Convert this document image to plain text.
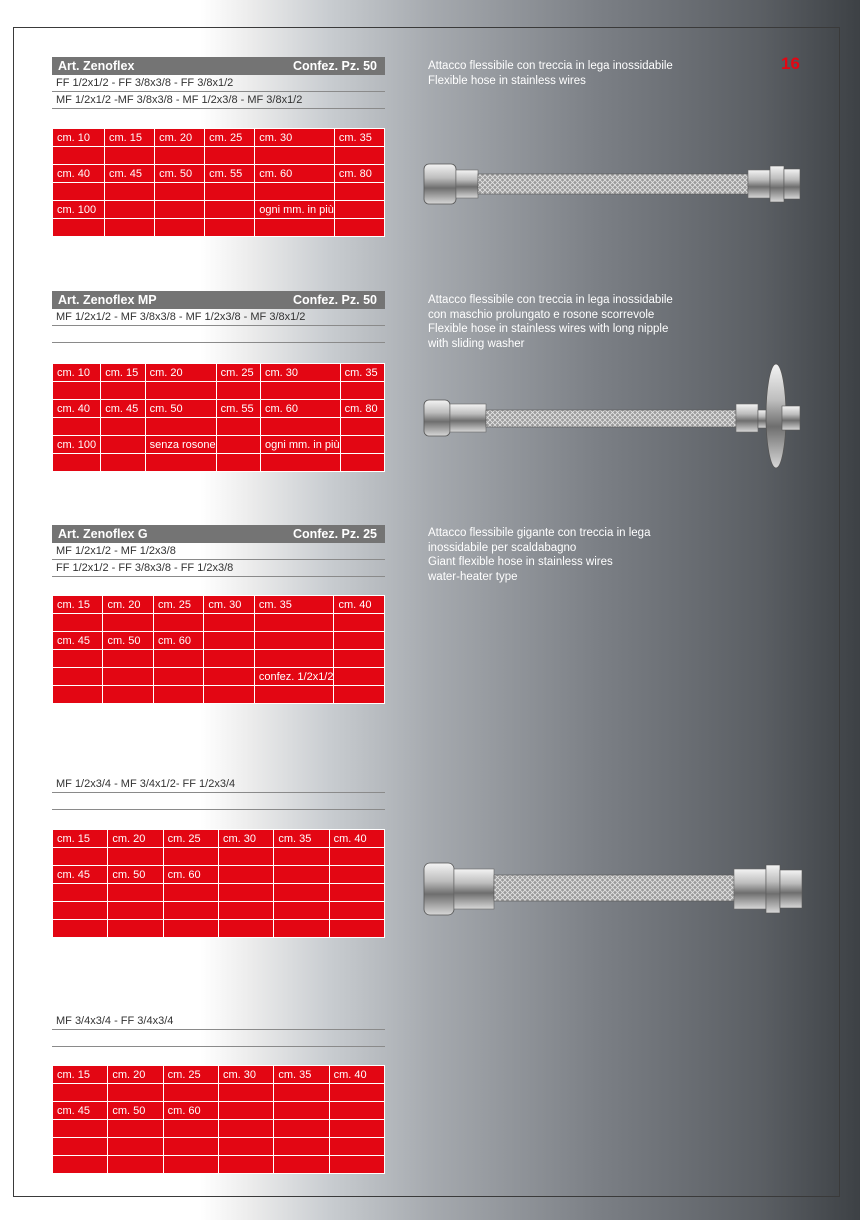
16
Art. Zenoflex	Confez. Pz. 50
FF 1/2x1/2 - FF 3/8x3/8 - FF 3/8x1/2
MF 1/2x1/2 -MF 3/8x3/8 - MF 1/2x3/8 - MF 3/8x1/2
cm. 10	cm. 15	cm. 20	cm. 25	cm. 30	cm. 35

cm. 40	cm. 45	cm. 50	cm. 55	cm. 60	cm. 80

cm. 100				ogni mm. in più	

Attacco flessibile con treccia in lega inossidabile
Flexible hose in stainless wires
Art. Zenoflex MP	Confez. Pz. 50
MF 1/2x1/2 - MF 3/8x3/8 - MF 1/2x3/8 - MF 3/8x1/2
cm. 10	cm. 15	cm. 20	cm. 25	cm. 30	cm. 35

cm. 40	cm. 45	cm. 50	cm. 55	cm. 60	cm. 80

cm. 100		senza rosone		ogni mm. in più	

Attacco flessibile con treccia in lega inossidabile
con maschio prolungato e rosone scorrevole
Flexible hose in stainless wires with long nipple
with sliding washer
Art. Zenoflex G	Confez. Pz. 25
MF 1/2x1/2 - MF 1/2x3/8
FF 1/2x1/2 - FF 3/8x3/8 - FF 1/2x3/8
cm. 15	cm. 20	cm. 25	cm. 30	cm. 35	cm. 40

cm. 45	cm. 50	cm. 60			

				confez. 1/2x1/2	

Attacco flessibile gigante con treccia in lega
inossidabile per scaldabagno
Giant flexible hose in stainless wires
water-heater type
MF 1/2x3/4 - MF 3/4x1/2- FF 1/2x3/4
cm. 15	cm. 20	cm. 25	cm. 30	cm. 35	cm. 40

cm. 45	cm. 50	cm. 60			

MF 3/4x3/4 - FF 3/4x3/4
cm. 15	cm. 20	cm. 25	cm. 30	cm. 35	cm. 40

cm. 45	cm. 50	cm. 60			
